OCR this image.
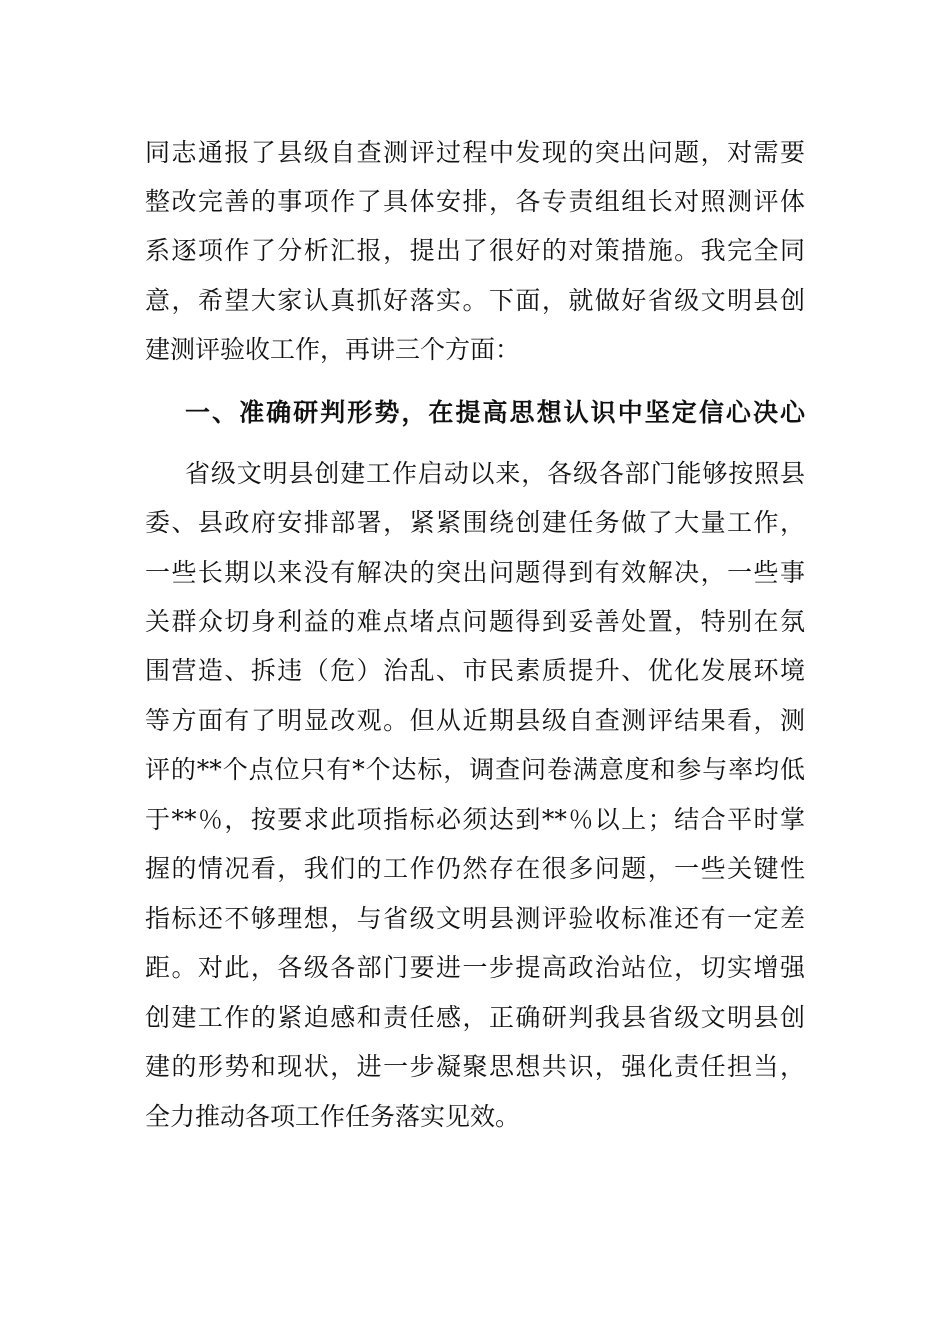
同志通报了县级自查测评过程中发现的突出问题，对需要
整改完善的事项作了具体安排，各专责组组长对照测评体
系逐项作了分析汇报，提出了很好的对策措施。我完全同
意，希望大家认真抓好落实。下面，就做好省级文明县创
建测评验收工作，再讲三个方面：
一、准确研判形势，在提高思想认识中坚定信心决心
省级文明县创建工作启动以来，各级各部门能够按照县
委、县政府安排部署，紧紧围绕创建任务做了大量工作，
一些长期以来没有解决的突出问题得到有效解决，一些事
关群众切身利益的难点堵点问题得到妥善处置，特别在氛
围营造、拆违（危）治乱、市民素质提升、优化发展环境
等方面有了明显改观。但从近期县级自查测评结果看，测
评的**个点位只有*个达标，调查问卷满意度和参与率均低
于**％，按要求此项指标必须达到**％以上；结合平时掌
握的情况看，我们的工作仍然存在很多问题，一些关键性
指标还不够理想，与省级文明县测评验收标准还有一定差
距。对此，各级各部门要进一步提高政治站位，切实增强
创建工作的紧迫感和责任感，正确研判我县省级文明县创
建的形势和现状，进一步凝聚思想共识，强化责任担当，
全力推动各项工作任务落实见效。
